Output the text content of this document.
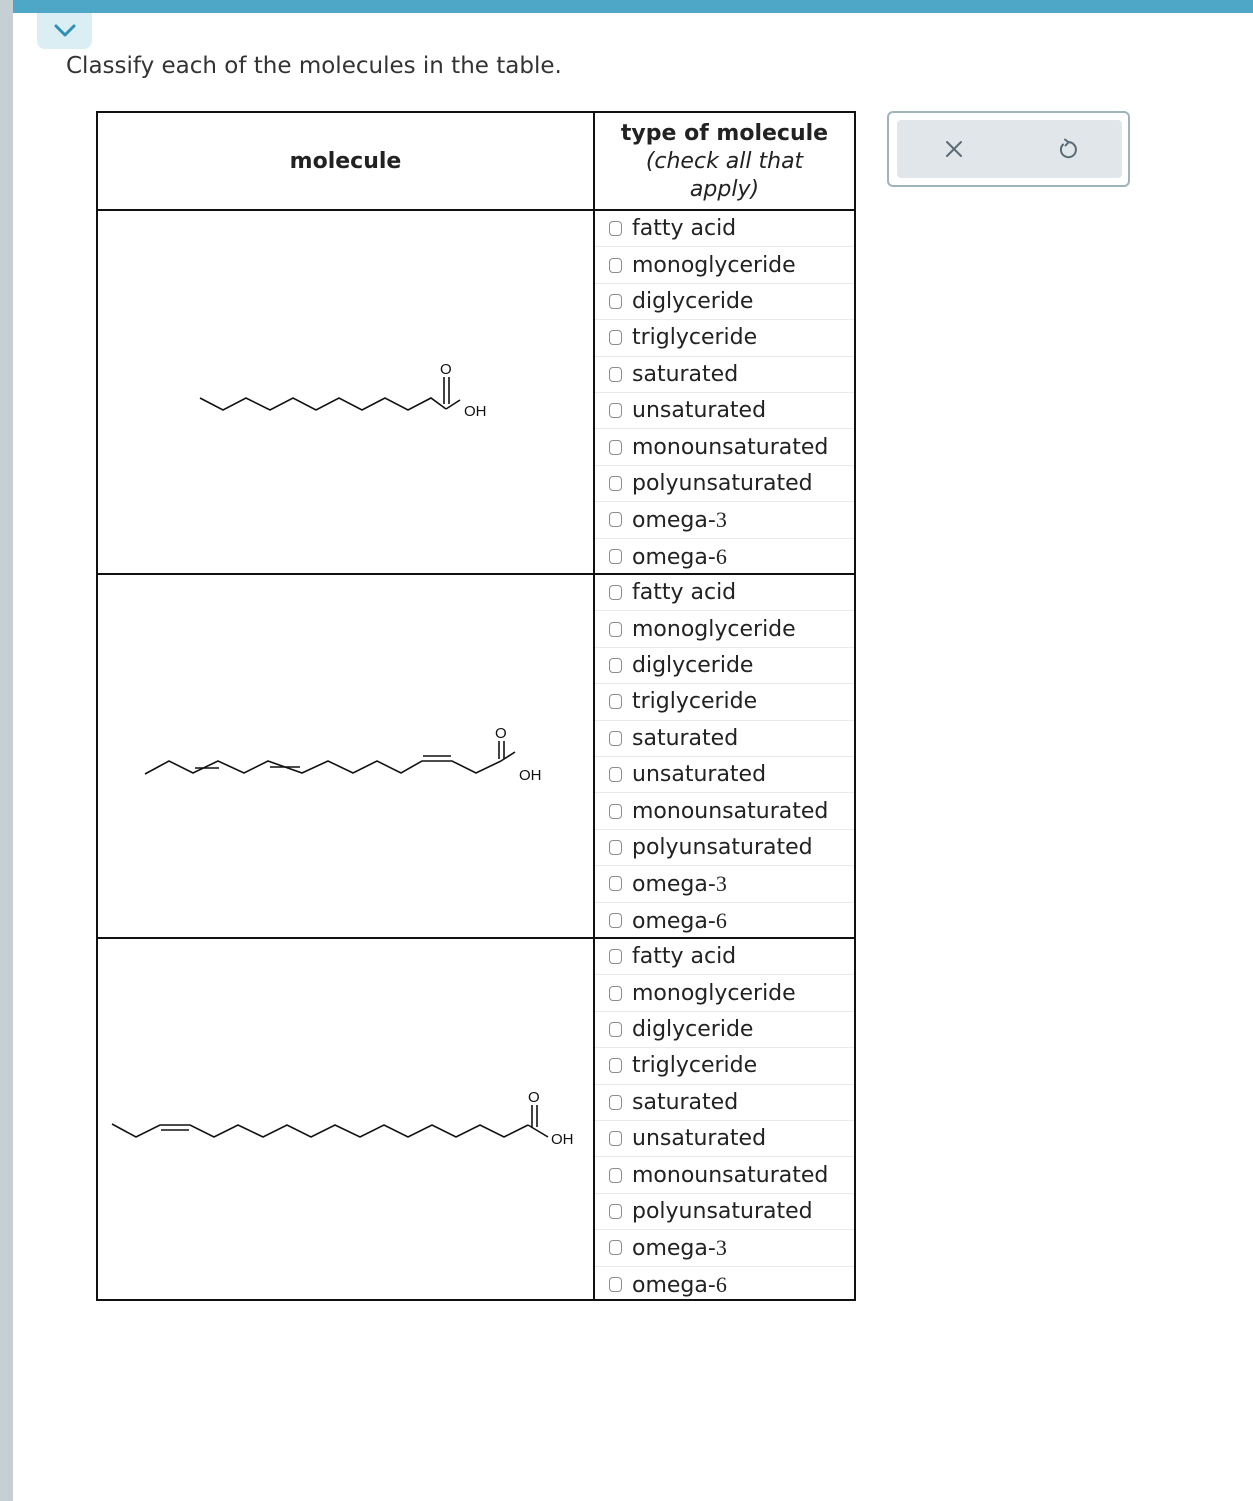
Classify each of the molecules in the table.
molecule
type of molecule
(check all that apply)
O
OH
O
OH
O
OH
fatty acid
monoglyceride
diglyceride
triglyceride
saturated
unsaturated
monounsaturated
polyunsaturated
omega-3
omega-6
fatty acid
monoglyceride
diglyceride
triglyceride
saturated
unsaturated
monounsaturated
polyunsaturated
omega-3
omega-6
fatty acid
monoglyceride
diglyceride
triglyceride
saturated
unsaturated
monounsaturated
polyunsaturated
omega-3
omega-6
